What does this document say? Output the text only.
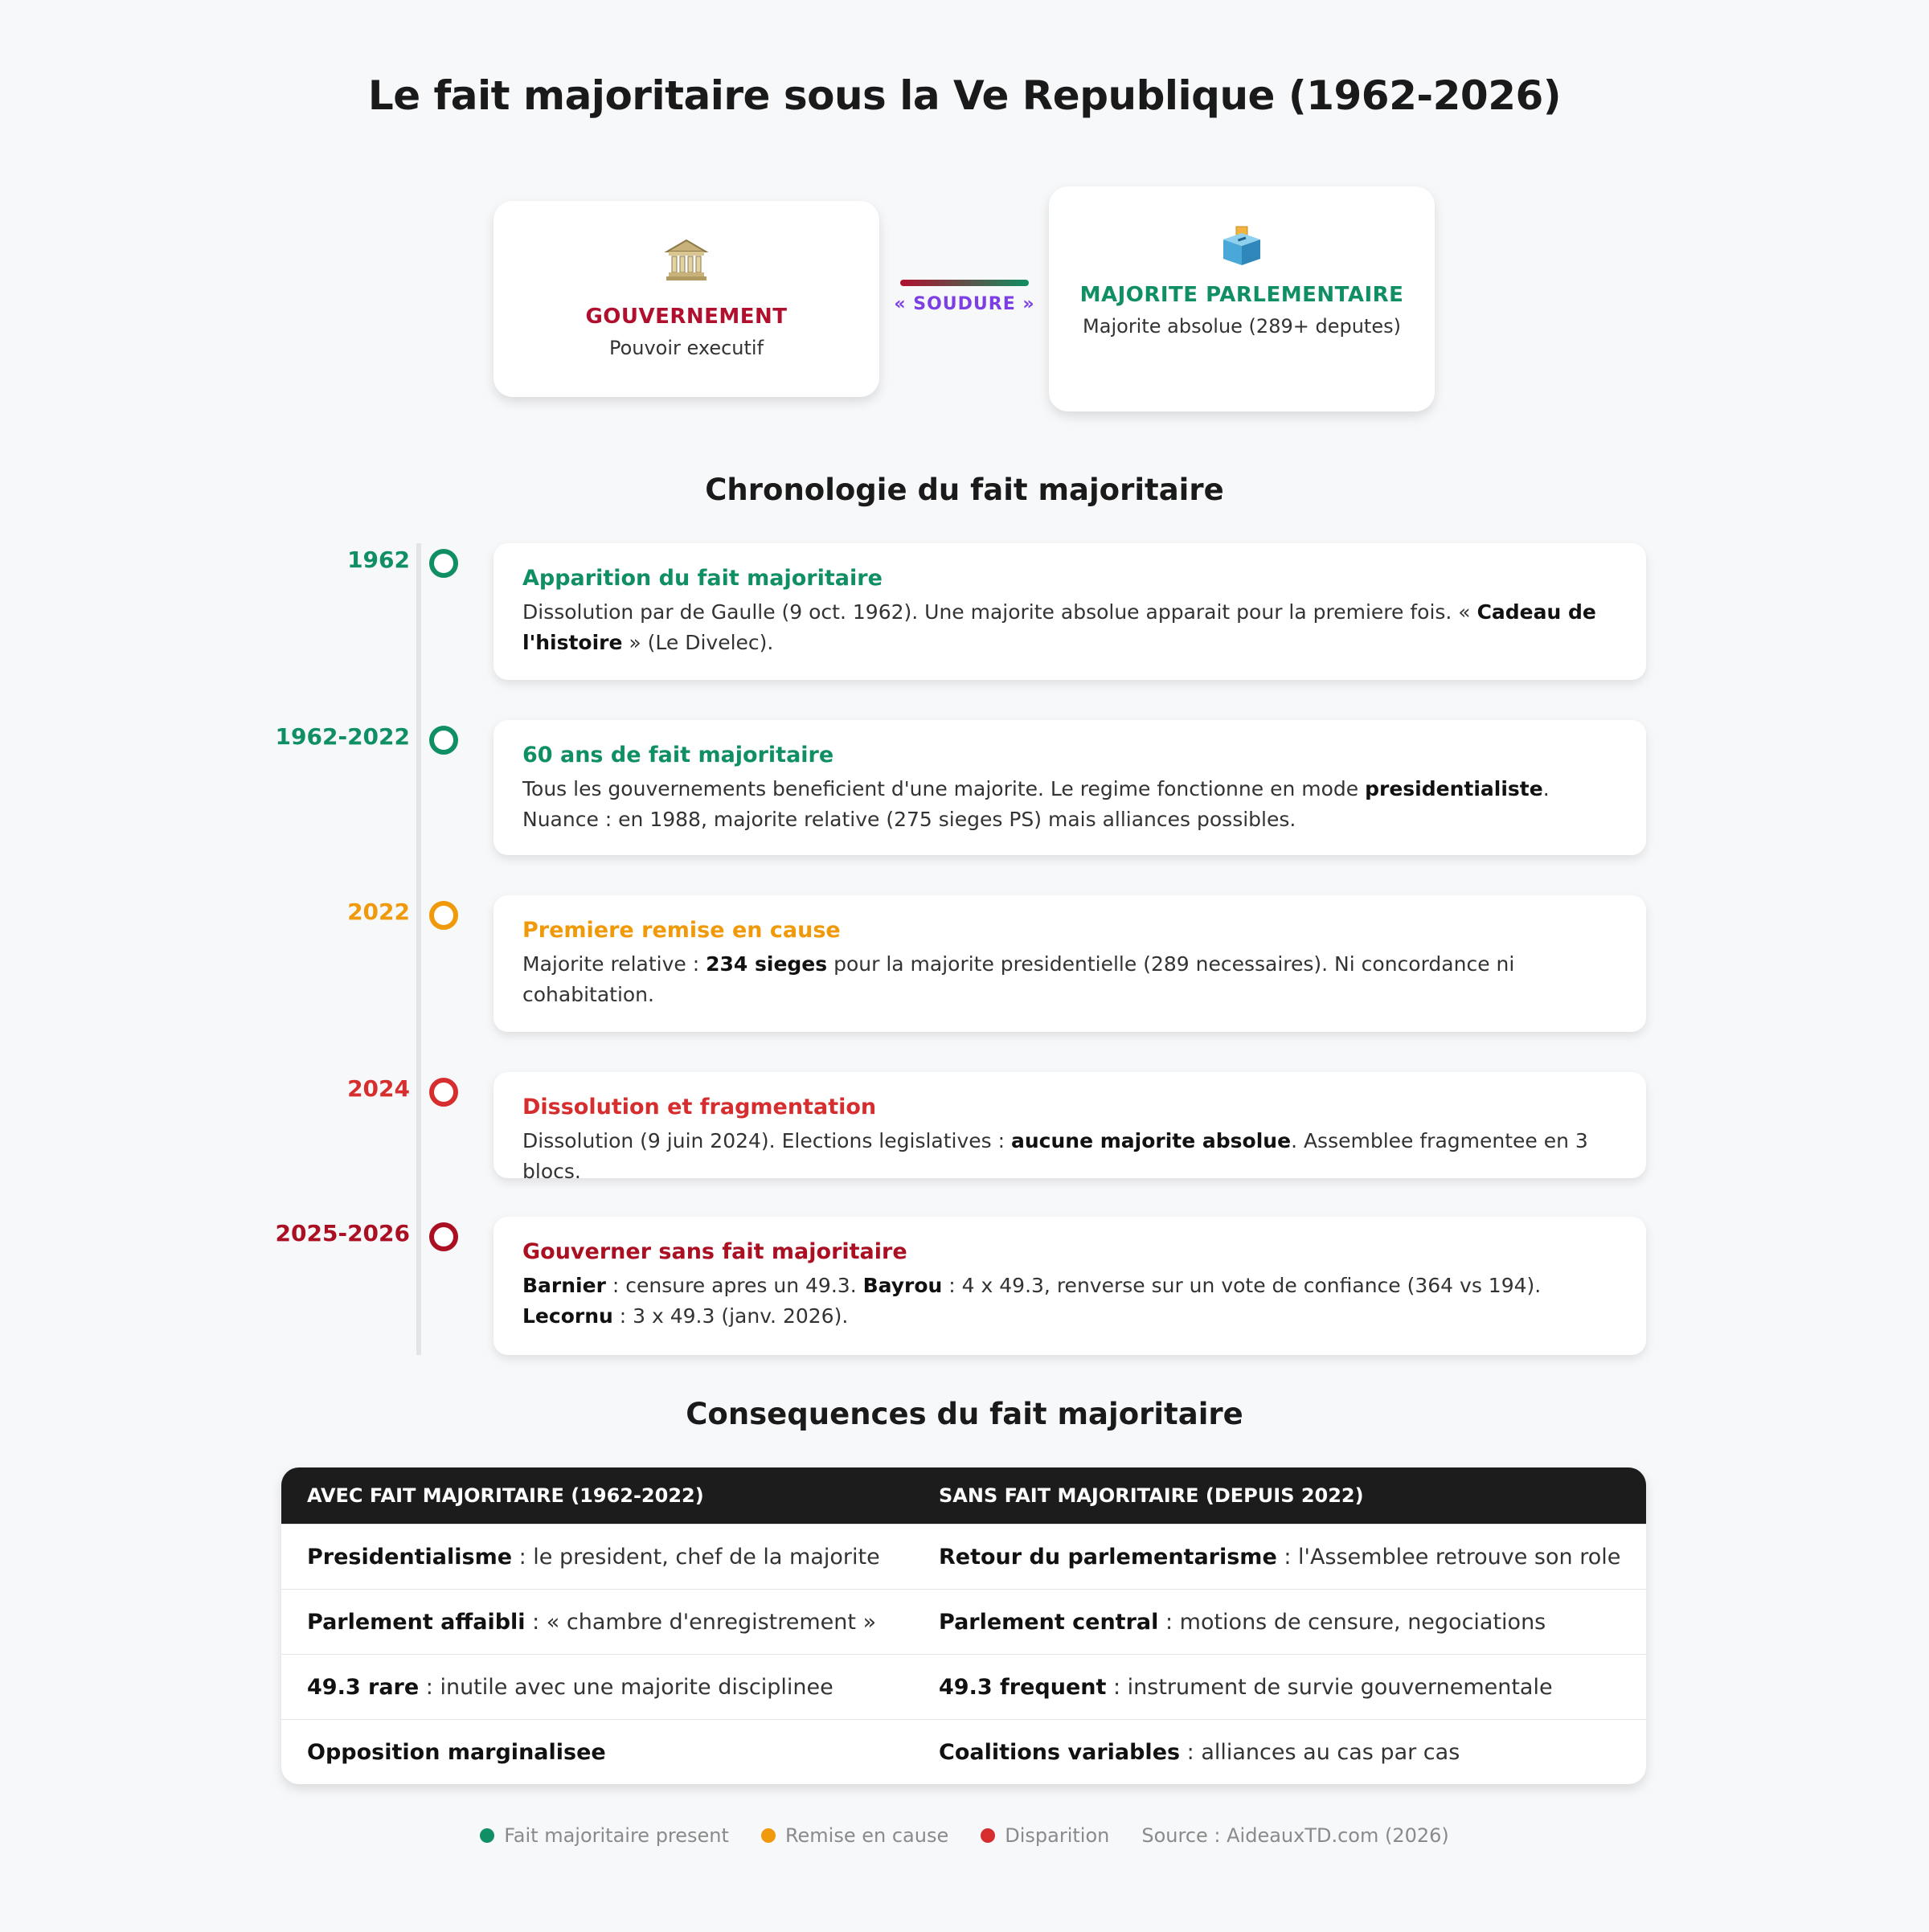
Le fait majoritaire sous la Ve Republique (1962-2026)
GOUVERNEMENT
Pouvoir executif
« SOUDURE »	MAJORITE PARLEMENTAIRE
Majorite absolue (289+ deputes)
Chronologie du fait majoritaire
1962
Apparition du fait majoritaire
Dissolution par de Gaulle (9 oct. 1962). Une majorite absolue apparait pour la premiere fois. « Cadeau de l'histoire » (Le Divelec).
1962-2022
60 ans de fait majoritaire
Tous les gouvernements beneficient d'une majorite. Le regime fonctionne en mode presidentialiste. Nuance : en 1988, majorite relative (275 sieges PS) mais alliances possibles.
2022
Premiere remise en cause
Majorite relative : 234 sieges pour la majorite presidentielle (289 necessaires). Ni concordance ni cohabitation.
2024
Dissolution et fragmentation
Dissolution (9 juin 2024). Elections legislatives : aucune majorite absolue. Assemblee fragmentee en 3 blocs.
2025-2026
Gouverner sans fait majoritaire
Barnier : censure apres un 49.3. Bayrou : 4 x 49.3, renverse sur un vote de confiance (364 vs 194). Lecornu : 3 x 49.3 (janv. 2026).
Consequences du fait majoritaire
AVEC FAIT MAJORITAIRE (1962-2022)	SANS FAIT MAJORITAIRE (DEPUIS 2022)
Presidentialisme : le president, chef de la majorite	Retour du parlementarisme : l'Assemblee retrouve son role
Parlement affaibli : « chambre d'enregistrement »	Parlement central : motions de censure, negociations
49.3 rare : inutile avec une majorite disciplinee	49.3 frequent : instrument de survie gouvernementale
Opposition marginalisee	Coalitions variables : alliances au cas par cas
Fait majoritaire present	Remise en cause	Disparition Source : AideauxTD.com (2026)
